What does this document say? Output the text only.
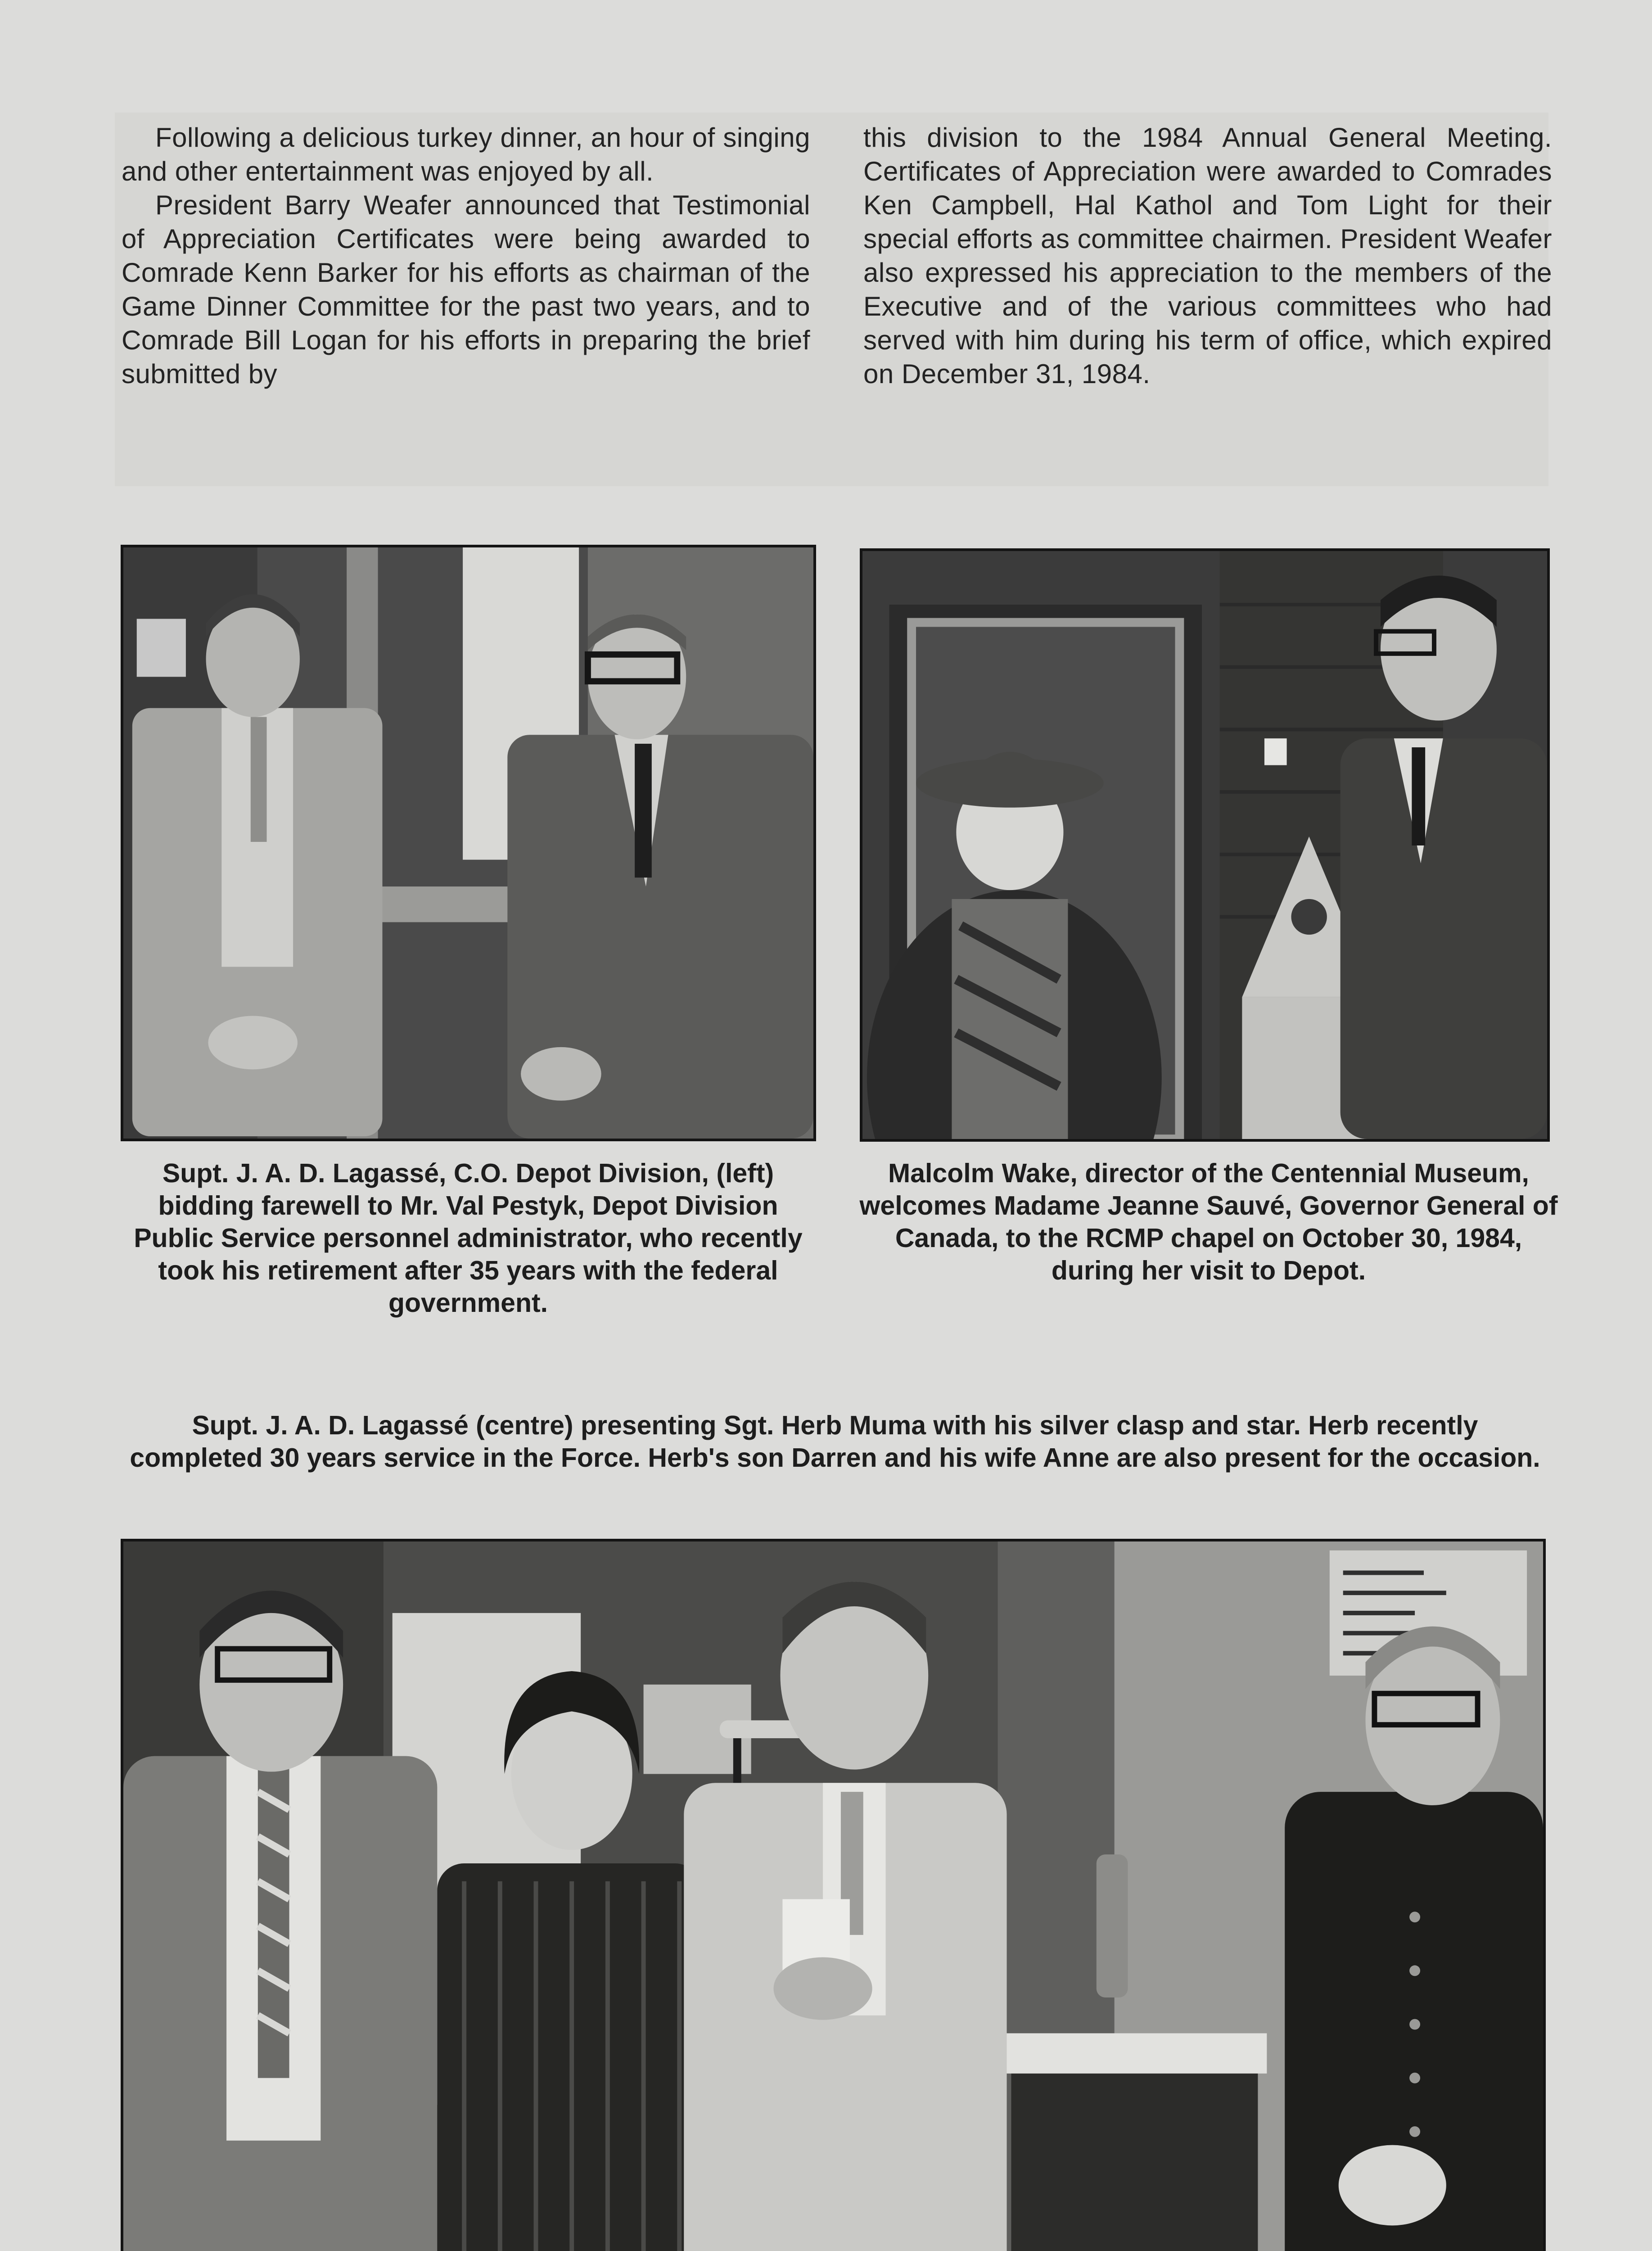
Following a delicious turkey dinner, an hour of singing and other entertainment was enjoyed by all.

President Barry Weafer announced that Testimonial of Appreciation Certificates were being awarded to Comrade Kenn Barker for his efforts as chairman of the Game Dinner Committee for the past two years, and to Comrade Bill Logan for his efforts in preparing the brief submitted by

this division to the 1984 Annual General Meeting. Certificates of Appreciation were awarded to Comrades Ken Campbell, Hal Kathol and Tom Light for their special efforts as committee chairmen. President Weafer also expressed his appreciation to the members of the Executive and of the various committees who had served with him during his term of office, which expired on December 31, 1984.

Supt. J. A. D. Lagassé, C.O. Depot Division, (left) bidding farewell to Mr. Val Pestyk, Depot Division Public Service personnel administrator, who recently took his retirement after 35 years with the federal government.
Malcolm Wake, director of the Centennial Museum, welcomes Madame Jeanne Sauvé, Governor General of Canada, to the RCMP chapel on October 30, 1984, during her visit to Depot.
Supt. J. A. D. Lagassé (centre) presenting Sgt. Herb Muma with his silver clasp and star. Herb recently completed 30 years service in the Force. Herb's son Darren and his wife Anne are also present for the occasion.
